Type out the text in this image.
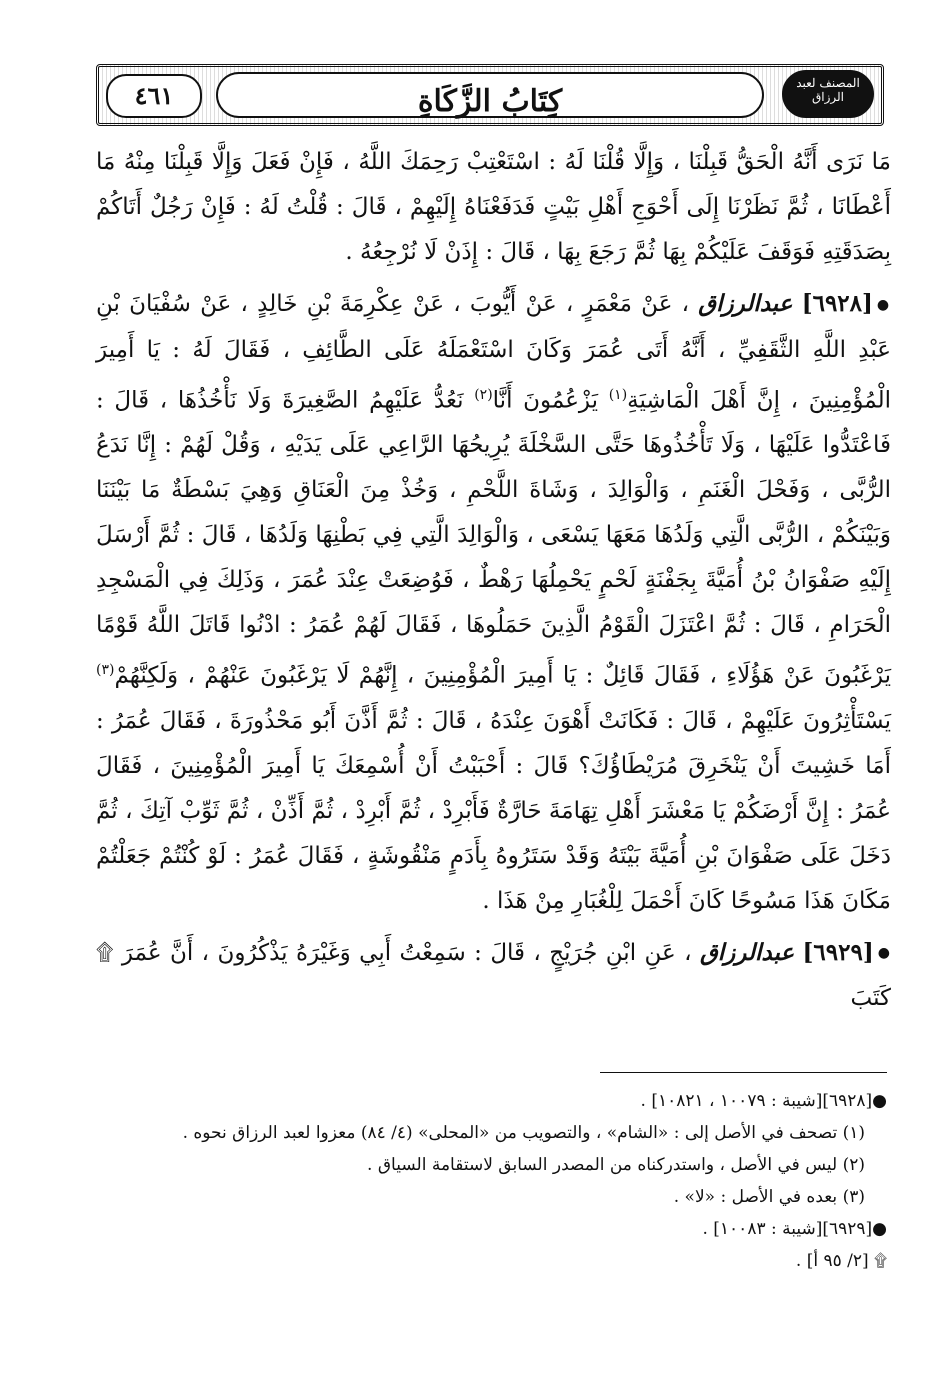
كِتَابُ الزَّكَاةِ
٤٦١	المصنف لعبد الرزاق

مَا نَرَى أَنَّهُ الْحَقُّ قَبِلْنَا ، وَإِلَّا قُلْنَا لَهُ : اسْتَعْتِبْ رَحِمَكَ اللَّهُ ، فَإِنْ فَعَلَ وَإِلَّا قَبِلْنَا مِنْهُ مَا أَعْطَانَا ، ثُمَّ نَظَرْنَا إِلَى أَحْوَجِ أَهْلِ بَيْتٍ فَدَفَعْنَاهُ إِلَيْهِمْ ، قَالَ : قُلْتُ لَهُ : فَإِنْ رَجُلٌ أَتَاكُمْ بِصَدَقَتِهِ فَوَقَفَ عَلَيْكُمْ بِهَا ثُمَّ رَجَعَ بِهَا ، قَالَ : إِذَنْ لَا نُرْجِعُهُ .

●[٦٩٢٨] عبدالرزاق ، عَنْ مَعْمَرٍ ، عَنْ أَيُّوبَ ، عَنْ عِكْرِمَةَ بْنِ خَالِدٍ ، عَنْ سُفْيَانَ بْنِ عَبْدِ اللَّهِ الثَّقَفِيِّ ، أَنَّهُ أَتَى عُمَرَ وَكَانَ اسْتَعْمَلَهُ عَلَى الطَّائِفِ ، فَقَالَ لَهُ : يَا أَمِيرَ الْمُؤْمِنِينَ ، إِنَّ أَهْلَ الْمَاشِيَةِ$^{(١)}$ يَزْعُمُونَ أَنَّا$^{(٢)}$ نَعُدُّ عَلَيْهِمُ الصَّغِيرَةَ وَلَا نَأْخُذُهَا ، قَالَ : فَاعْتَدُّوا عَلَيْهَا ، وَلَا تَأْخُذُوهَا حَتَّى السَّخْلَةَ يُرِيحُهَا الرَّاعِي عَلَى يَدَيْهِ ، وَقُلْ لَهُمْ : إِنَّا نَدَعُ الرُّبَّى ، وَفَحْلَ الْغَنَمِ ، وَالْوَالِدَ ، وَشَاةَ اللَّحْمِ ، وَخُذْ مِنَ الْعَنَاقِ وَهِيَ بَسْطَةٌ مَا بَيْنَنَا وَبَيْنَكُمْ ، الرُّبَّى الَّتِي وَلَدُهَا مَعَهَا يَسْعَى ، وَالْوَالِدَ الَّتِي فِي بَطْنِهَا وَلَدُهَا ، قَالَ : ثُمَّ أَرْسَلَ إِلَيْهِ صَفْوَانُ بْنُ أُمَيَّةَ بِجَفْنَةٍ لَحْمٍ يَحْمِلُهَا رَهْطٌ ، فَوُضِعَتْ عِنْدَ عُمَرَ ، وَذَلِكَ فِي الْمَسْجِدِ الْحَرَامِ ، قَالَ : ثُمَّ اعْتَزَلَ الْقَوْمُ الَّذِينَ حَمَلُوهَا ، فَقَالَ لَهُمْ عُمَرُ : ادْنُوا قَاتَلَ اللَّهُ قَوْمًا يَرْغَبُونَ عَنْ هَؤُلَاءِ ، فَقَالَ قَائِلٌ : يَا أَمِيرَ الْمُؤْمِنِينَ ، إِنَّهُمْ لَا يَرْغَبُونَ عَنْهُمْ ، وَلَكِنَّهُمْ$^{(٣)}$ يَسْتَأْثِرُونَ عَلَيْهِمْ ، قَالَ : فَكَانَتْ أَهْوَنَ عِنْدَهُ ، قَالَ : ثُمَّ أَذَّنَ أَبُو مَحْذُورَةَ ، فَقَالَ عُمَرُ : أَمَا خَشِيتَ أَنْ يَنْخَرِقَ مُرَيْطَاؤُكَ؟ قَالَ : أَحْبَبْتُ أَنْ أُسْمِعَكَ يَا أَمِيرَ الْمُؤْمِنِينَ ، فَقَالَ عُمَرُ : إِنَّ أَرْضَكُمْ يَا مَعْشَرَ أَهْلِ تِهَامَةَ حَارَّةٌ فَأَبْرِدْ ، ثُمَّ أَبْرِدْ ، ثُمَّ أَذِّنْ ، ثُمَّ ثَوِّبْ آتِكَ ، ثُمَّ دَخَلَ عَلَى صَفْوَانَ بْنِ أُمَيَّةَ بَيْتَهُ وَقَدْ سَتَرُوهُ بِأَدَمٍ مَنْقُوشَةٍ ، فَقَالَ عُمَرُ : لَوْ كُنْتُمْ جَعَلْتُمْ مَكَانَ هَذَا مَسُوحًا كَانَ أَحْمَلَ لِلْغُبَارِ مِنْ هَذَا .

●[٦٩٢٩] عبدالرزاق ، عَنِ ابْنِ جُرَيْجٍ ، قَالَ : سَمِعْتُ أَبِي وَغَيْرَهُ يَذْكُرُونَ ، أَنَّ عُمَرَ ۩ كَتَبَ

●[٦٩٢٨][شيبة : ١٠٠٧٩ ، ١٠٨٢١] .

(١) تصحف في الأصل إلى : «الشام» ، والتصويب من «المحلى» (٤/ ٨٤) معزوا لعبد الرزاق نحوه .

(٢) ليس في الأصل ، واستدركناه من المصدر السابق لاستقامة السياق .

(٣) بعده في الأصل : «لا» .

●[٦٩٢٩][شيبة : ١٠٠٨٣] .

۩ [٢/ ٩٥ أ] .
